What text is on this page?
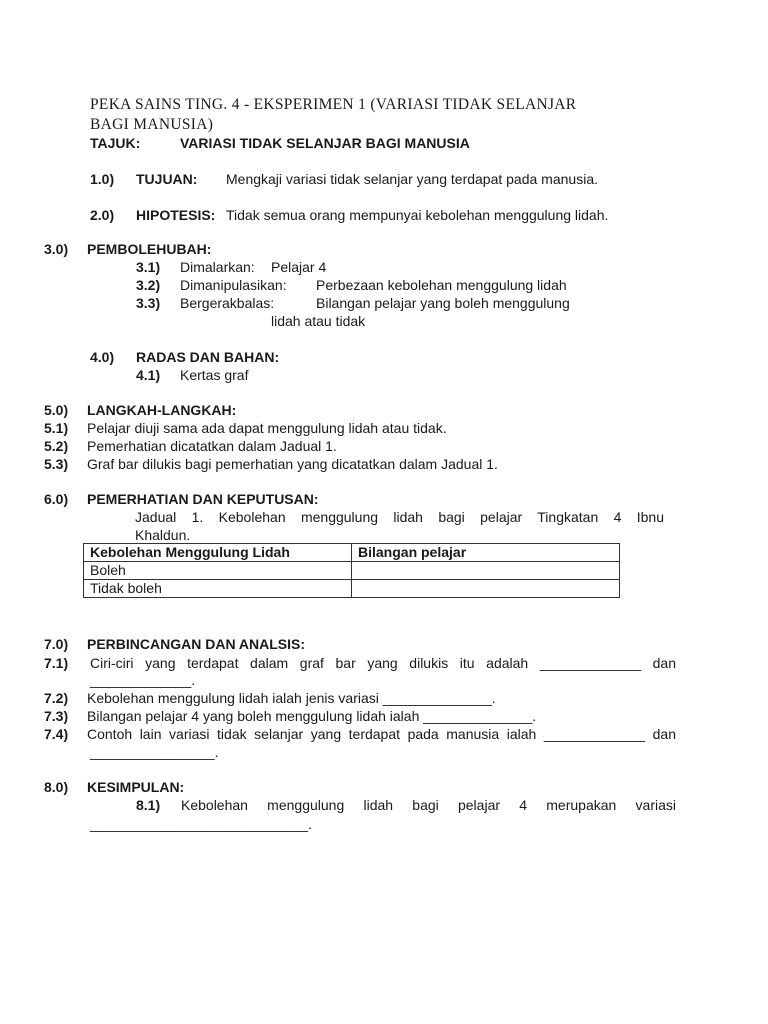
PEKA SAINS TING. 4 - EKSPERIMEN 1 (VARIASI TIDAK SELANJAR
BAGI MANUSIA)
TAJUK:	VARIASI TIDAK SELANJAR BAGI MANUSIA
1.0) TUJUAN: Mengkaji variasi tidak selanjar yang terdapat pada manusia.
2.0) HIPOTESIS: Tidak semua orang mempunyai kebolehan menggulung lidah.
3.0) PEMBOLEHUBAH:
3.1) Dimalarkan: Pelajar 4
3.2) Dimanipulasikan: Perbezaan kebolehan menggulung lidah
3.3) Bergerakbalas:	Bilangan pelajar yang boleh menggulung
lidah atau tidak
4.0) RADAS DAN BAHAN:
4.1) Kertas graf
5.0) LANGKAH-LANGKAH:
5.1) Pelajar diuji sama ada dapat menggulung lidah atau tidak.
5.2) Pemerhatian dicatatkan dalam Jadual 1.
5.3) Graf bar dilukis bagi pemerhatian yang dicatatkan dalam Jadual 1.
6.0) PEMERHATIAN DAN KEPUTUSAN:
Jadual 1. Kebolehan menggulung lidah bagi pelajar Tingkatan 4 Ibnu
Khaldun.
Kebolehan Menggulung Lidah	Bilangan pelajar
Boleh	
Tidak boleh	
7.0) PERBINCANGAN DAN ANALSIS:
7.1) Ciri-ciri yang terdapat dalam graf bar yang dilukis itu adalah _____________ dan
_____________.
7.2) Kebolehan menggulung lidah ialah jenis variasi ______________.
7.3) Bilangan pelajar 4 yang boleh menggulung lidah ialah ______________.
7.4) Contoh lain variasi tidak selanjar yang terdapat pada manusia ialah _____________ dan
________________.
8.0) KESIMPULAN:
8.1) Kebolehan menggulung lidah bagi pelajar 4 merupakan variasi
____________________________.
